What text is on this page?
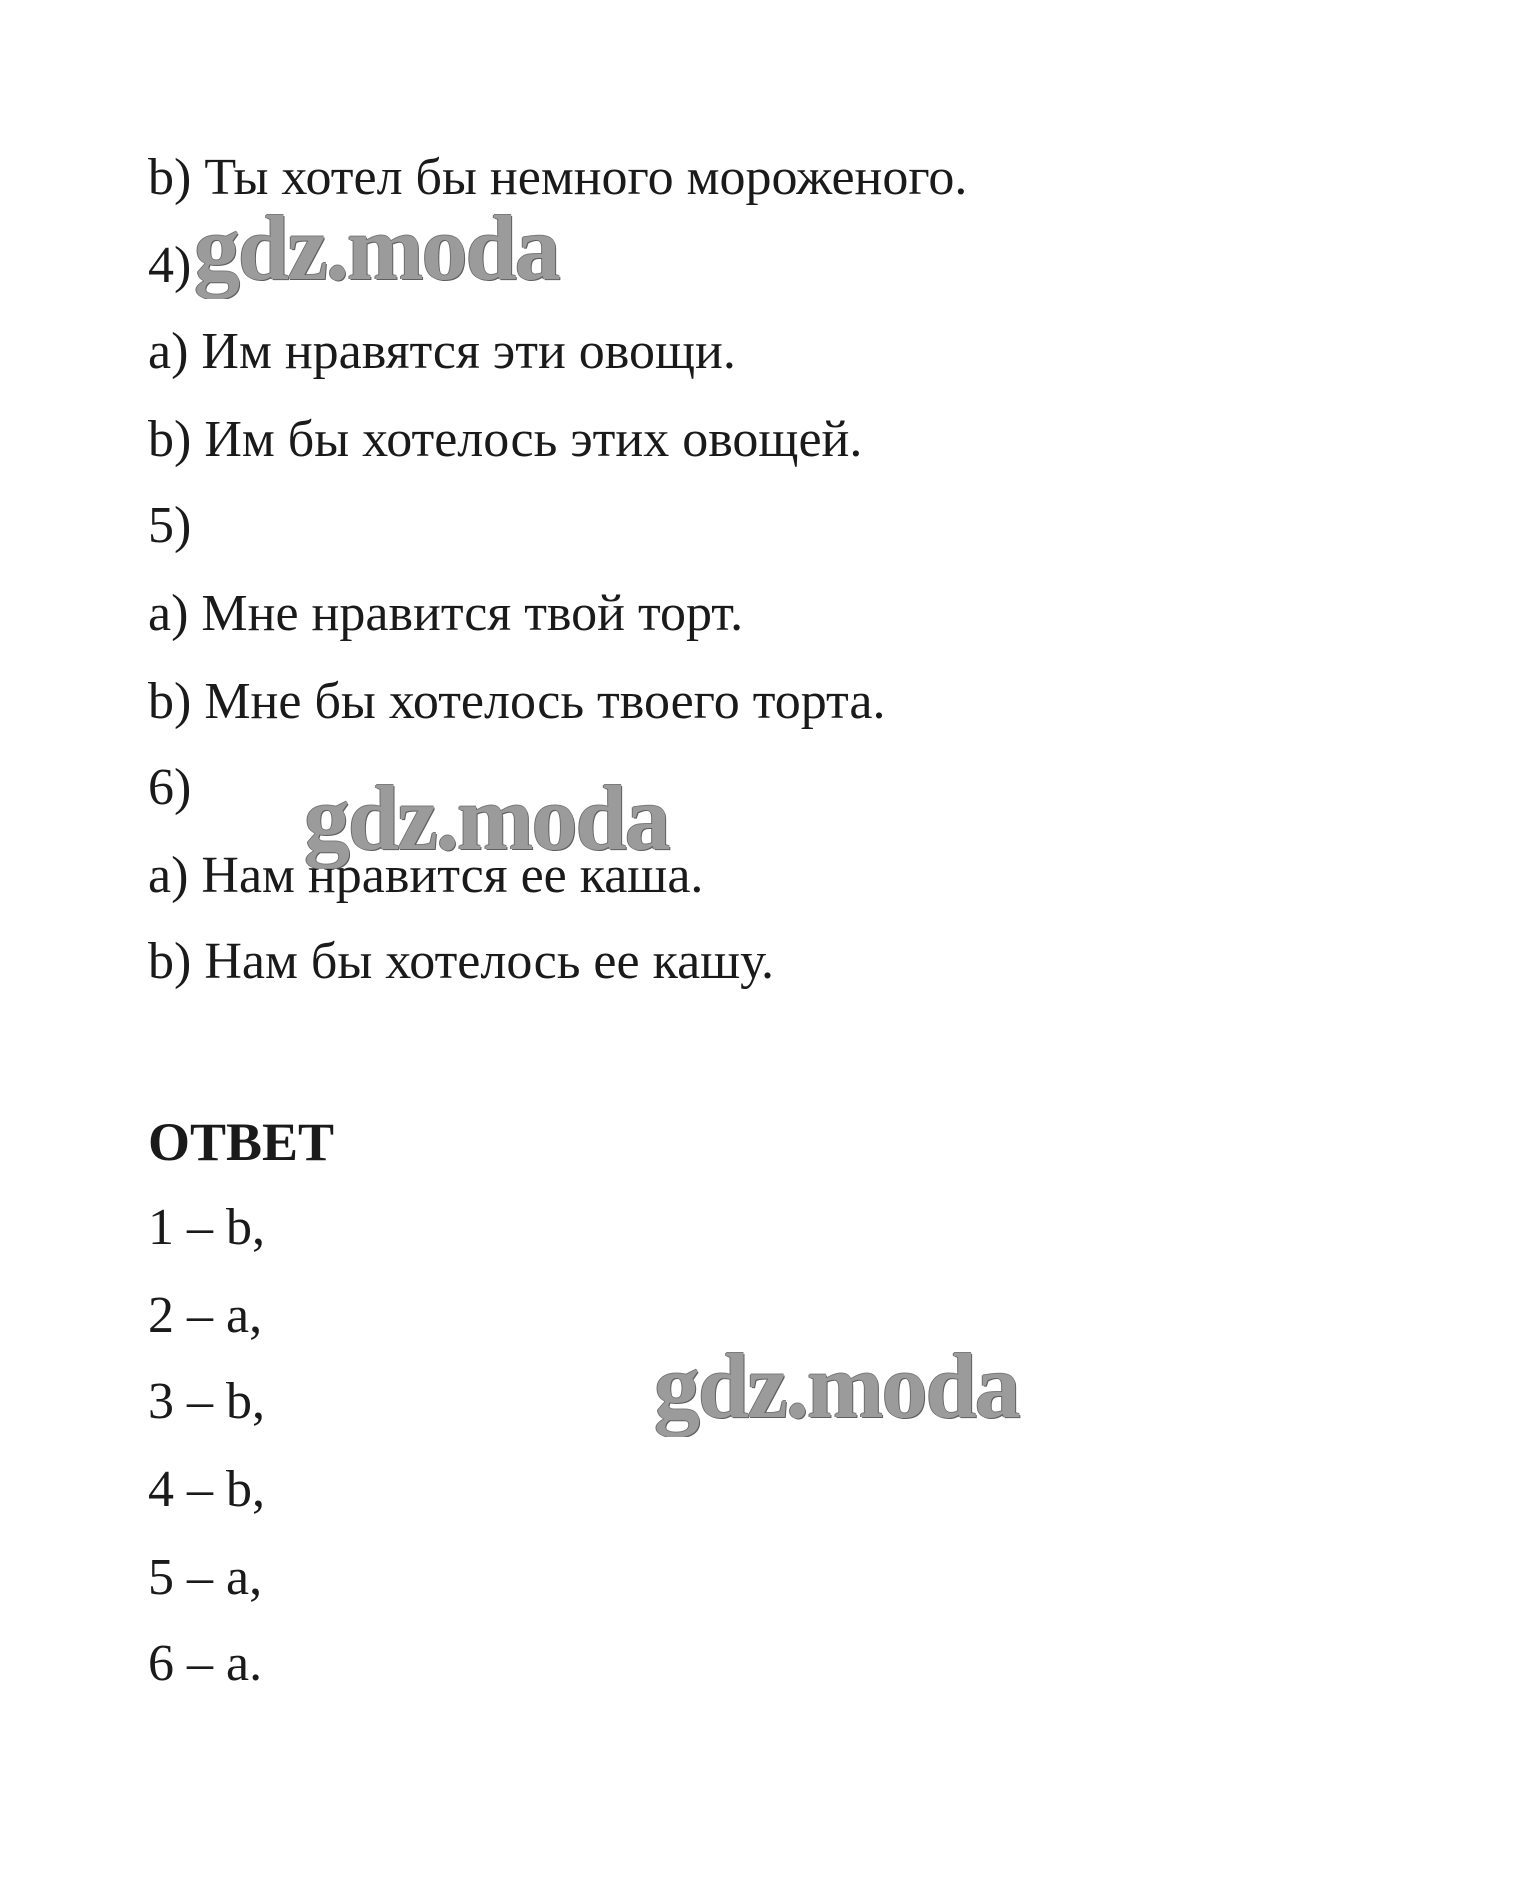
b) Ты хотел бы немного мороженого.
4)
a) Им нравятся эти овощи.
b) Им бы хотелось этих овощей.
5)
a) Мне нравится твой торт.
b) Мне бы хотелось твоего торта.
6)
a) Нам нравится ее каша.
b) Нам бы хотелось ее кашу.
ОТВЕТ
1 – b,
2 – a,
3 – b,
4 – b,
5 – a,
6 – a.
gdz.moda
gdz.moda
gdz.moda
